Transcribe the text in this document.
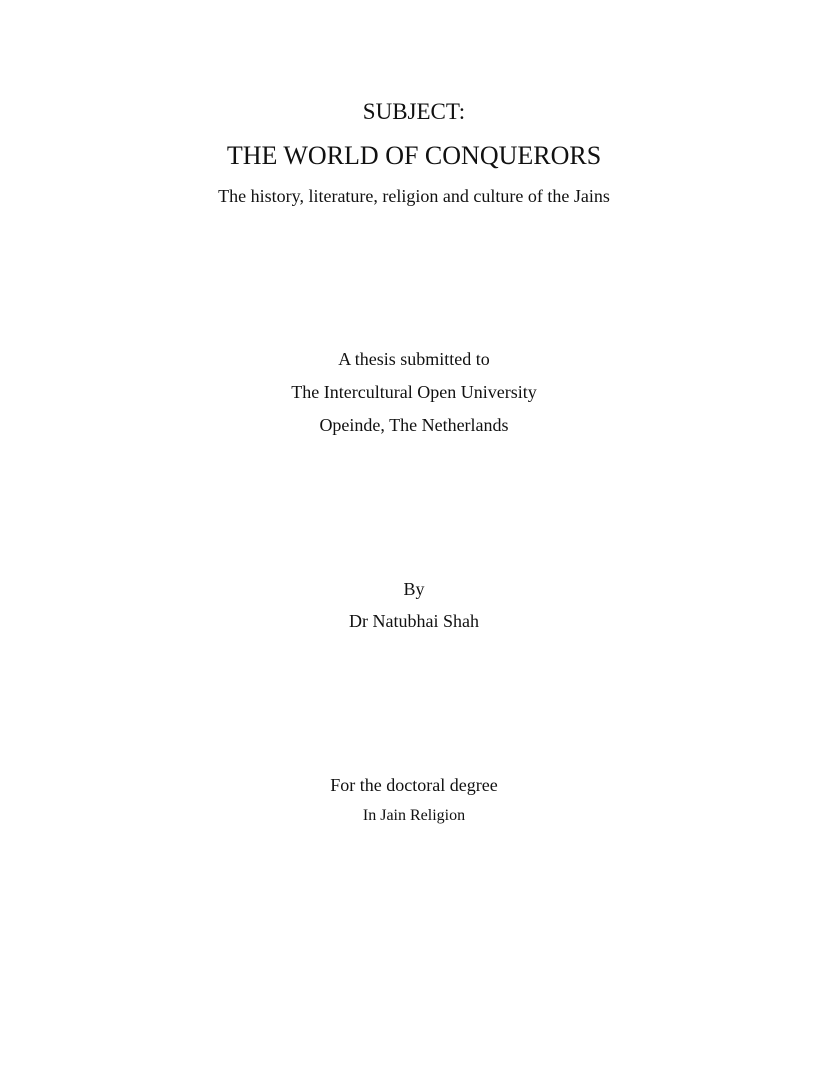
SUBJECT:
THE WORLD OF CONQUERORS
The history, literature, religion and culture of the Jains
A thesis submitted to
The Intercultural Open University
Opeinde, The Netherlands
By
Dr Natubhai Shah
For the doctoral degree
In Jain Religion
